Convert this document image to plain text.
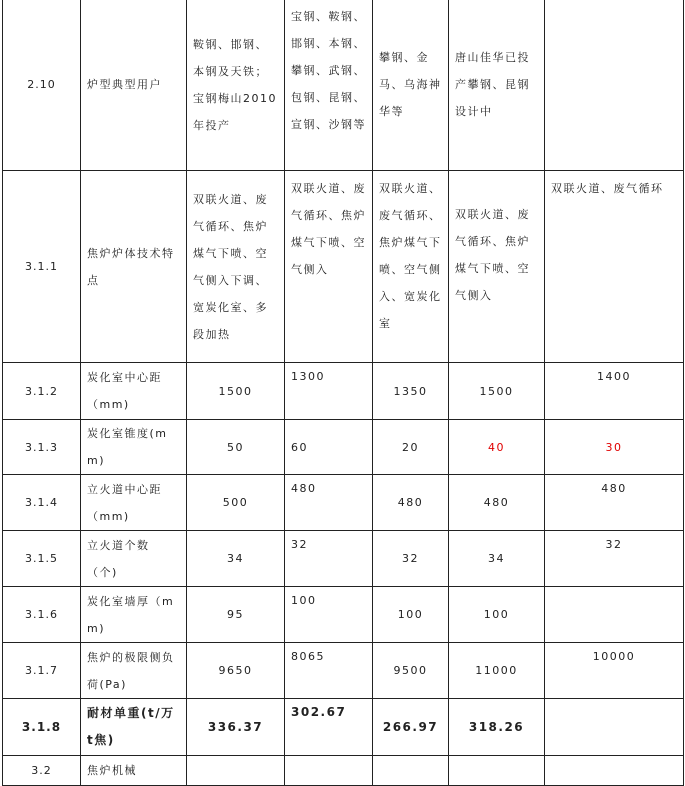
2.10	炉型典型用户	鞍钢、邯钢、本钢及天铁；宝钢梅山2010年投产	宝钢、鞍钢、邯钢、本钢、攀钢、武钢、包钢、昆钢、宣钢、沙钢等	攀钢、金马、乌海神华等	唐山佳华已投产攀钢、昆钢设计中	
3.1.1	焦炉炉体技术特点	双联火道、废气循环、焦炉煤气下喷、空气侧入下调、宽炭化室、多段加热	双联火道、废气循环、焦炉煤气下喷、空气侧入	双联火道、废气循环、焦炉煤气下喷、空气侧入、宽炭化室	双联火道、废气循环、焦炉煤气下喷、空气侧入	双联火道、废气循环
3.1.2	炭化室中心距（mm)	1500	1300	1350	1500	1400
3.1.3	炭化室锥度(mm)	50	60	20	40	30
3.1.4	立火道中心距（mm)	500	480	480	480	480
3.1.5	立火道个数（个)	34	32	32	34	32
3.1.6	炭化室墙厚（mm)	95	100	100	100	
3.1.7	焦炉的极限侧负荷(Pa)	9650	8065	9500	11000	10000
3.1.8	耐材单重(t/万t焦)	336.37	302.67	266.97	318.26	
3.2	焦炉机械					
